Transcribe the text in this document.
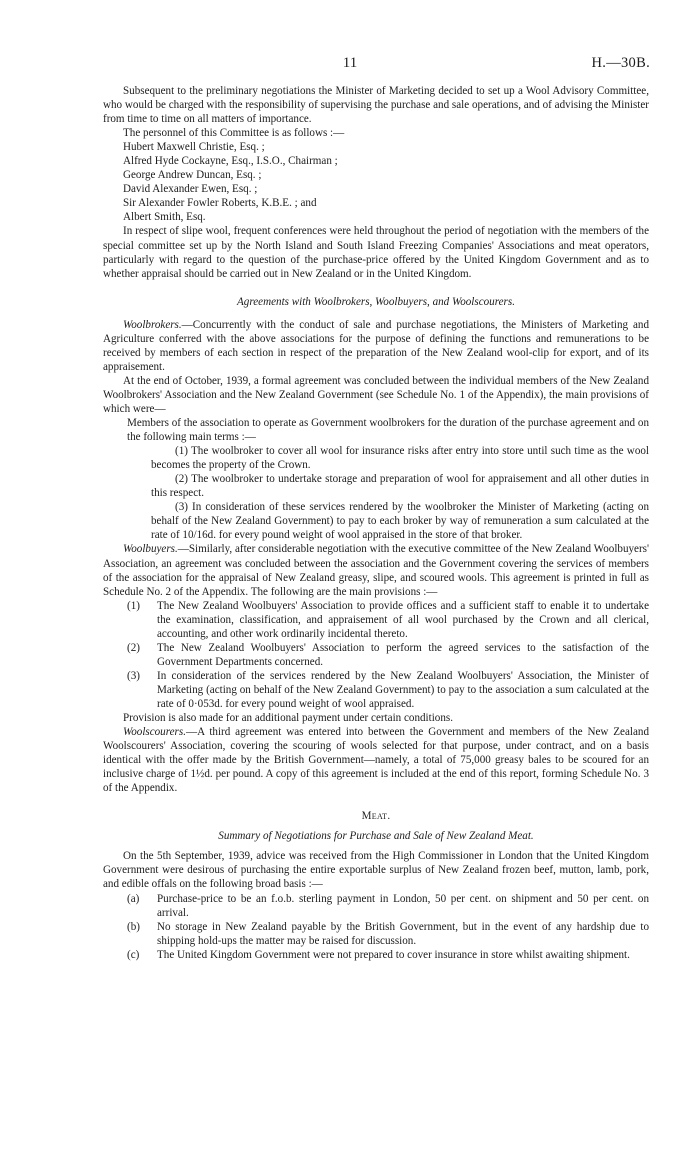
11	H.—30B.

Subsequent to the preliminary negotiations the Minister of Marketing decided to set up a Wool Advisory Committee, who would be charged with the responsibility of supervising the purchase and sale operations, and of advising the Minister from time to time on all matters of importance.

The personnel of this Committee is as follows :—

Hubert Maxwell Christie, Esq. ;
Alfred Hyde Cockayne, Esq., I.S.O., Chairman ;
George Andrew Duncan, Esq. ;
David Alexander Ewen, Esq. ;
Sir Alexander Fowler Roberts, K.B.E. ; and
Albert Smith, Esq.

In respect of slipe wool, frequent conferences were held throughout the period of negotiation with the members of the special committee set up by the North Island and South Island Freezing Companies' Associations and meat operators, particularly with regard to the question of the purchase-price offered by the United Kingdom Government and as to whether appraisal should be carried out in New Zealand or in the United Kingdom.

Agreements with Woolbrokers, Woolbuyers, and Woolscourers.

Woolbrokers.—Concurrently with the conduct of sale and purchase negotiations, the Ministers of Marketing and Agriculture conferred with the above associations for the purpose of defining the functions and remunerations to be received by members of each section in respect of the preparation of the New Zealand wool-clip for export, and of its appraisement.

At the end of October, 1939, a formal agreement was concluded between the individual members of the New Zealand Woolbrokers' Association and the New Zealand Government (see Schedule No. 1 of the Appendix), the main provisions of which were—

Members of the association to operate as Government woolbrokers for the duration of the purchase agreement and on the following main terms :—

(1) The woolbroker to cover all wool for insurance risks after entry into store until such time as the wool becomes the property of the Crown.

(2) The woolbroker to undertake storage and preparation of wool for appraisement and all other duties in this respect.

(3) In consideration of these services rendered by the woolbroker the Minister of Marketing (acting on behalf of the New Zealand Government) to pay to each broker by way of remuneration a sum calculated at the rate of 10/16d. for every pound weight of wool appraised in the store of that broker.

Woolbuyers.—Similarly, after considerable negotiation with the executive committee of the New Zealand Woolbuyers' Association, an agreement was concluded between the association and the Government covering the services of members of the association for the appraisal of New Zealand greasy, slipe, and scoured wools. This agreement is printed in full as Schedule No. 2 of the Appendix. The following are the main provisions :—

(1) The New Zealand Woolbuyers' Association to provide offices and a sufficient staff to enable it to undertake the examination, classification, and appraisement of all wool purchased by the Crown and all clerical, accounting, and other work ordinarily incidental thereto.

(2) The New Zealand Woolbuyers' Association to perform the agreed services to the satisfaction of the Government Departments concerned.

(3) In consideration of the services rendered by the New Zealand Woolbuyers' Association, the Minister of Marketing (acting on behalf of the New Zealand Government) to pay to the association a sum calculated at the rate of 0·053d. for every pound weight of wool appraised.

Provision is also made for an additional payment under certain conditions.

Woolscourers.—A third agreement was entered into between the Government and members of the New Zealand Woolscourers' Association, covering the scouring of wools selected for that purpose, under contract, and on a basis identical with the offer made by the British Government—namely, a total of 75,000 greasy bales to be scoured for an inclusive charge of 1½d. per pound. A copy of this agreement is included at the end of this report, forming Schedule No. 3 of the Appendix.

Meat.

Summary of Negotiations for Purchase and Sale of New Zealand Meat.

On the 5th September, 1939, advice was received from the High Commissioner in London that the United Kingdom Government were desirous of purchasing the entire exportable surplus of New Zealand frozen beef, mutton, lamb, pork, and edible offals on the following broad basis :—

(a) Purchase-price to be an f.o.b. sterling payment in London, 50 per cent. on shipment and 50 per cent. on arrival.

(b) No storage in New Zealand payable by the British Government, but in the event of any hardship due to shipping hold-ups the matter may be raised for discussion.

(c) The United Kingdom Government were not prepared to cover insurance in store whilst awaiting shipment.
